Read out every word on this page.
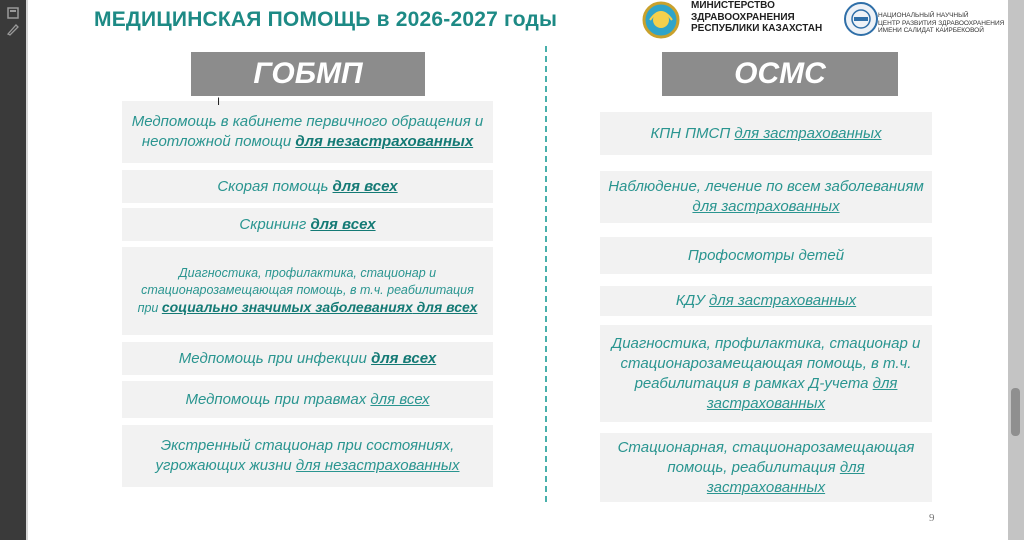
МЕДИЦИНСКАЯ ПОМОЩЬ в 2026-2027 годы
МИНИСТЕРСТВО
ЗДРАВООХРАНЕНИЯ
РЕСПУБЛИКИ КАЗАХСТАН
НАЦИОНАЛЬНЫЙ НАУЧНЫЙ
ЦЕНТР РАЗВИТИЯ ЗДРАВООХРАНЕНИЯ
ИМЕНИ САЛИДАТ КАИРБЕКОВОЙ
ГОБМП	ОСМС
Медпомощь в кабинете первичного обращения и неотложной помощи для незастрахованных
Скорая помощь для всех
Скрининг для всех
Диагностика, профилактика, стационар и стационарозамещающая помощь, в т.ч. реабилитация при социально значимых заболеваниях для всех
Медпомощь при инфекции для всех
Медпомощь при травмах для всех
Экстренный стационар при состояниях, угрожающих жизни для незастрахованных
КПН ПМСП для застрахованных
Наблюдение, лечение по всем заболеваниям для застрахованных
Профосмотры детей
КДУ для застрахованных
Диагностика, профилактика, стационар и стационарозамещающая помощь, в т.ч. реабилитация в рамках Д-учета для застрахованных
Стационарная, стационарозамещающая помощь, реабилитация для застрахованных
9
I
